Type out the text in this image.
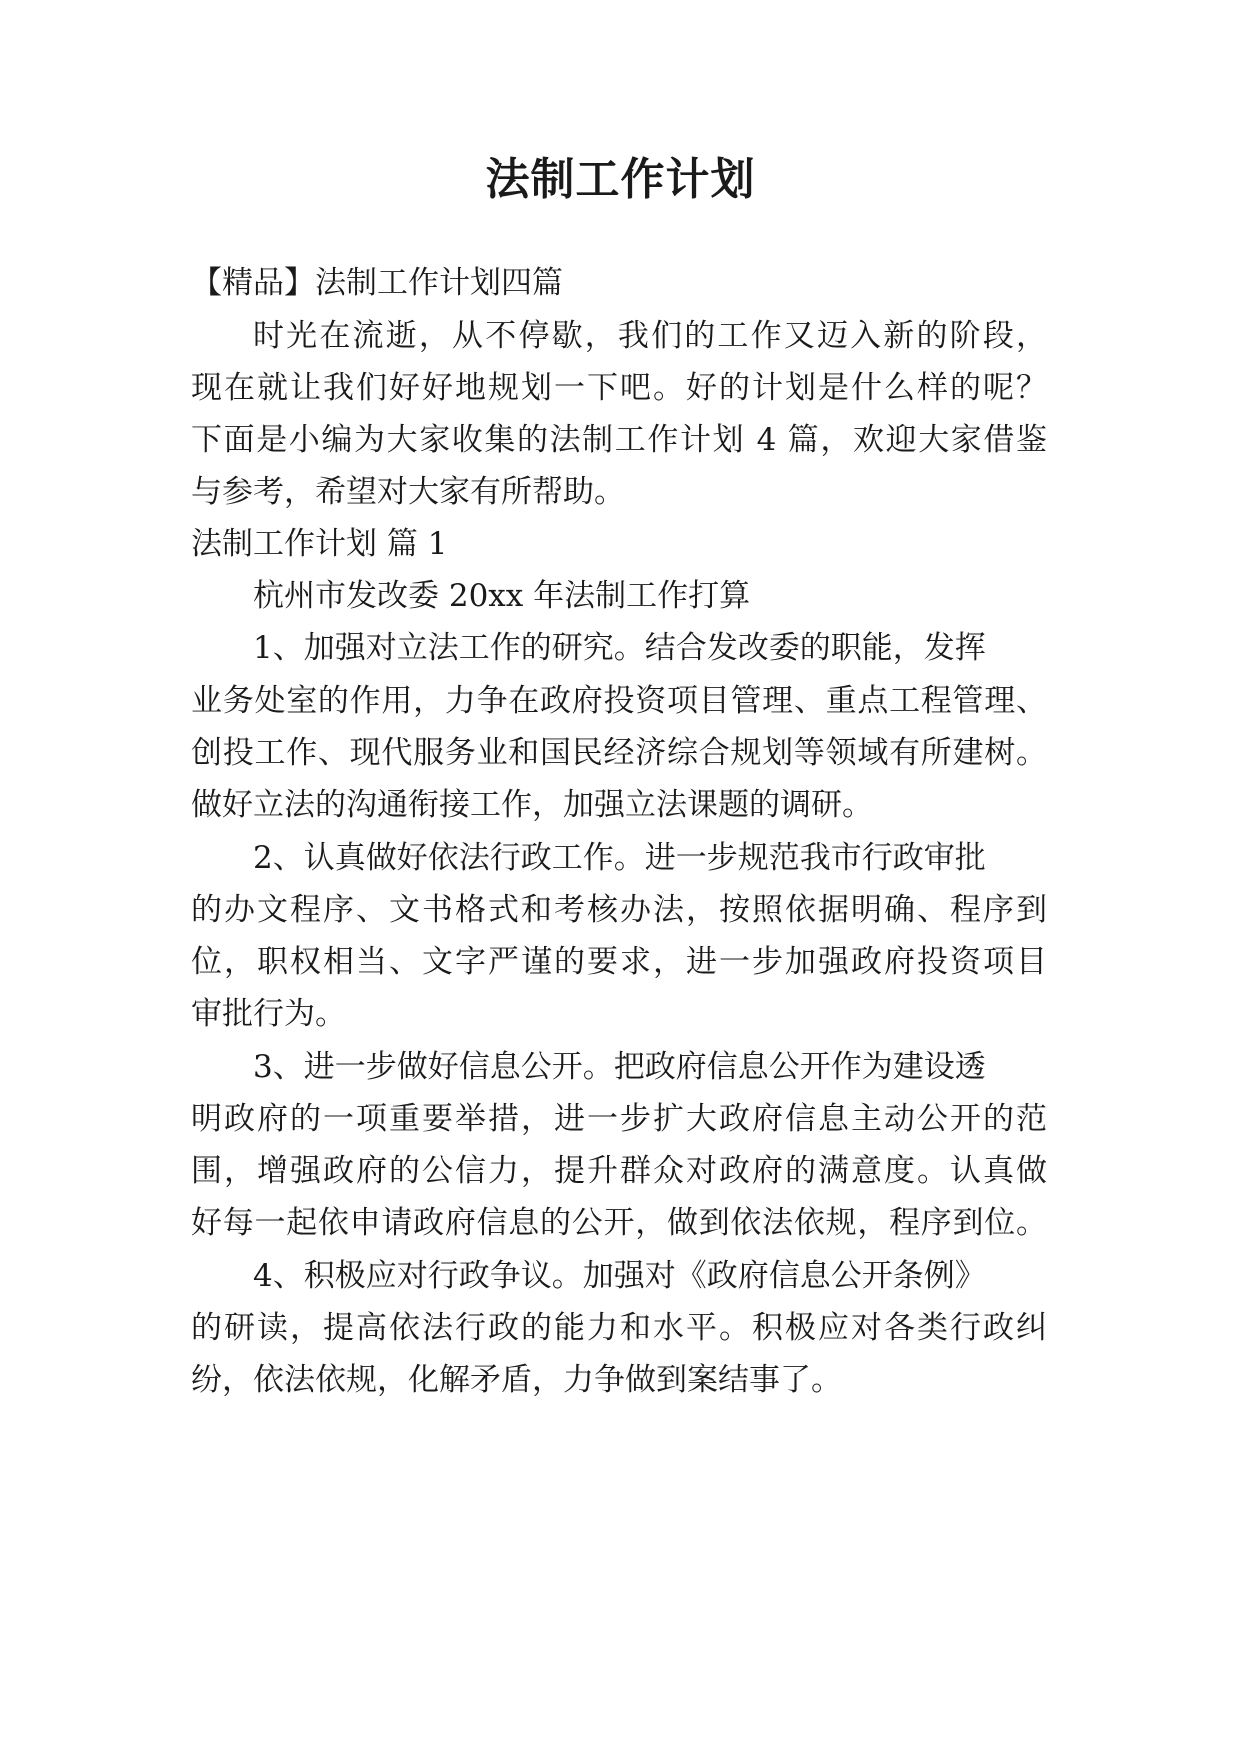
法制工作计划
【精品】法制工作计划四篇
时光在流逝，从不停歇，我们的工作又迈入新的阶段，
现在就让我们好好地规划一下吧。好的计划是什么样的呢？
下面是小编为大家收集的法制工作计划 4 篇，欢迎大家借鉴
与参考，希望对大家有所帮助。
法制工作计划 篇 1
杭州市发改委 20xx 年法制工作打算
1、加强对立法工作的研究。结合发改委的职能，发挥
业务处室的作用，力争在政府投资项目管理、重点工程管理、
创投工作、现代服务业和国民经济综合规划等领域有所建树。
做好立法的沟通衔接工作，加强立法课题的调研。
2、认真做好依法行政工作。进一步规范我市行政审批
的办文程序、文书格式和考核办法，按照依据明确、程序到
位，职权相当、文字严谨的要求，进一步加强政府投资项目
审批行为。
3、进一步做好信息公开。把政府信息公开作为建设透
明政府的一项重要举措，进一步扩大政府信息主动公开的范
围，增强政府的公信力，提升群众对政府的满意度。认真做
好每一起依申请政府信息的公开，做到依法依规，程序到位。
4、积极应对行政争议。加强对《政府信息公开条例》
的研读，提高依法行政的能力和水平。积极应对各类行政纠
纷，依法依规，化解矛盾，力争做到案结事了。
